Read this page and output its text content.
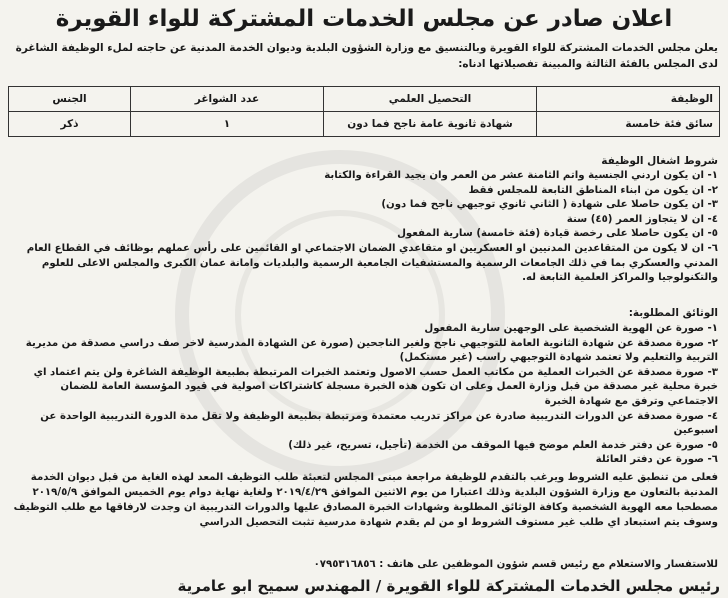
اعلان صادر عن مجلس الخدمات المشتركة للواء القويرة

يعلن مجلس الخدمات المشتركة للواء القويرة وبالتنسيق مع وزارة الشؤون البلدية وديوان الخدمة المدنية عن حاجته لملء الوظيفة الشاغرة لدى المجلس بالفئة الثالثة والمبينة تفصيلاتها ادناه:

الوظيفة	التحصيل العلمي	عدد الشواغر	الجنس
سائق فئة خامسة	شهادة ثانوية عامة ناجح فما دون	١	ذكر

شروط اشغال الوظيفة

١- ان يكون اردني الجنسية واتم الثامنة عشر من العمر وان يجيد القراءة والكتابة
٢- ان يكون من ابناء المناطق التابعة للمجلس فقط
٣- ان يكون حاصلا على شهادة ( الثاني ثانوي توجيهي ناجح فما دون)
٤- ان لا يتجاوز العمر (٤٥) سنة
٥- ان يكون حاصلا على رخصة قيادة (فئة خامسة) سارية المفعول
٦- ان لا يكون من المتقاعدين المدنيين او العسكريين او متقاعدي الضمان الاجتماعي او القائمين على رأس عملهم بوظائف في القطاع العام المدني والعسكري بما في ذلك الجامعات الرسمية والمستشفيات الجامعية الرسمية والبلديات وامانة عمان الكبرى والمجلس الاعلى للعلوم والتكنولوجيا والمراكز العلمية التابعة له.

الوثائق المطلوبة:

١- صورة عن الهوية الشخصية على الوجهين سارية المفعول
٢- صورة مصدقة عن شهادة الثانوية العامة للتوجيهي ناجح ولغير الناجحين (صورة عن الشهادة المدرسية لاخر صف دراسي مصدقة من مديرية التربية والتعليم ولا تعتمد شهادة التوجيهي راسب (غير مستكمل)
٣- صورة مصدقة عن الخبرات العملية من مكاتب العمل حسب الاصول وتعتمد الخبرات المرتبطة بطبيعة الوظيفة الشاغرة ولن يتم اعتماد اي خبرة محلية غير مصدقة من قبل وزارة العمل وعلى ان تكون هذه الخبرة مسجلة كاشتراكات اصولية في قيود المؤسسة العامة للضمان الاجتماعي وترفق مع شهادة الخبرة
٤- صورة مصدقة عن الدورات التدريبية صادرة عن مراكز تدريب معتمدة ومرتبطة بطبيعة الوظيفة ولا تقل مدة الدورة التدريبية الواحدة عن اسبوعين
٥- صورة عن دفتر خدمة العلم موضح فيها الموقف من الخدمة (تأجيل، تسريح، غير ذلك)
٦- صورة عن دفتر العائلة

فعلى من تنطبق عليه الشروط ويرغب بالتقدم للوظيفة مراجعة مبنى المجلس لتعبئة طلب التوظيف المعد لهذه الغاية من قبل ديوان الخدمة المدنية بالتعاون مع وزارة الشؤون البلدية وذلك اعتبارا من يوم الاثنين الموافق ٢٠١٩/٤/٢٩ ولغاية نهاية دوام يوم الخميس الموافق ٢٠١٩/٥/٩ مصطحبا معه الهوية الشخصية وكافة الوثائق المطلوبة وشهادات الخبرة المصادق عليها والدورات التدريبية ان وجدت لارفاقها مع طلب التوظيف وسوف يتم استبعاد اي طلب غير مستوف الشروط او من لم يقدم شهادة مدرسية تثبت التحصيل الدراسي

للاستفسار والاستعلام مع رئيس قسم شؤون الموظفين على هاتف : ٠٧٩٥٣١٦٨٥٦

رئيس مجلس الخدمات المشتركة للواء القويرة / المهندس سميح ابو عامرية
